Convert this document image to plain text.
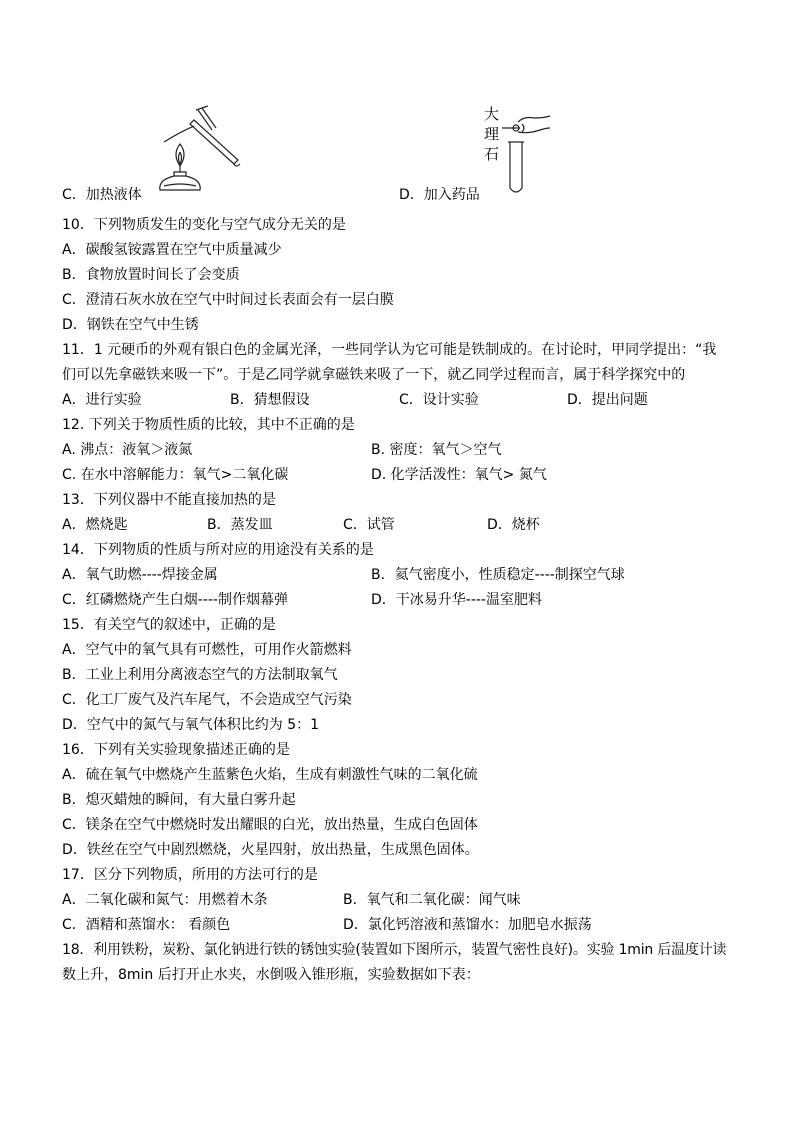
大
理
石
C．加热液体	D．加入药品
10．下列物质发生的变化与空气成分无关的是
A．碳酸氢铵露置在空气中质量减少
B．食物放置时间长了会变质
C．澄清石灰水放在空气中时间过长表面会有一层白膜
D．钢铁在空气中生锈
11．1 元硬币的外观有银白色的金属光泽，一些同学认为它可能是铁制成的。在讨论时，甲同学提出：“我
们可以先拿磁铁来吸一下”。于是乙同学就拿磁铁来吸了一下，就乙同学过程而言，属于科学探究中的
A．进行实验	B．猜想假设	C．设计实验	D．提出问题
12. 下列关于物质性质的比较，其中不正确的是
A. 沸点：液氧＞液氮	B. 密度：氧气＞空气
C. 在水中溶解能力：氧气>二氧化碳	D. 化学活泼性：氧气> 氮气
13．下列仪器中不能直接加热的是
A．燃烧匙	B．蒸发皿	C．试管	D．烧杯
14．下列物质的性质与所对应的用途没有关系的是
A．氧气助燃----焊接金属	B．氦气密度小，性质稳定----制探空气球
C．红磷燃烧产生白烟----制作烟幕弹	D．干冰易升华----温室肥料
15．有关空气的叙述中，正确的是
A．空气中的氧气具有可燃性，可用作火箭燃料
B．工业上利用分离液态空气的方法制取氧气
C．化工厂废气及汽车尾气，不会造成空气污染
D．空气中的氮气与氧气体积比约为 5：1
16．下列有关实验现象描述正确的是
A．硫在氧气中燃烧产生蓝紫色火焰，生成有刺激性气味的二氧化硫
B．熄灭蜡烛的瞬间，有大量白雾升起
C．镁条在空气中燃烧时发出耀眼的白光，放出热量，生成白色固体
D．铁丝在空气中剧烈燃烧，火星四射，放出热量，生成黑色固体。
17．区分下列物质，所用的方法可行的是
A．二氧化碳和氮气：用燃着木条	B．氧气和二氧化碳：闻气味
C．酒精和蒸馏水： 看颜色	D．氯化钙溶液和蒸馏水：加肥皂水振荡
18．利用铁粉，炭粉、氯化钠进行铁的锈蚀实验(装置如下图所示，装置气密性良好)。实验 1min 后温度计读
数上升，8min 后打开止水夹，水倒吸入锥形瓶，实验数据如下表：
